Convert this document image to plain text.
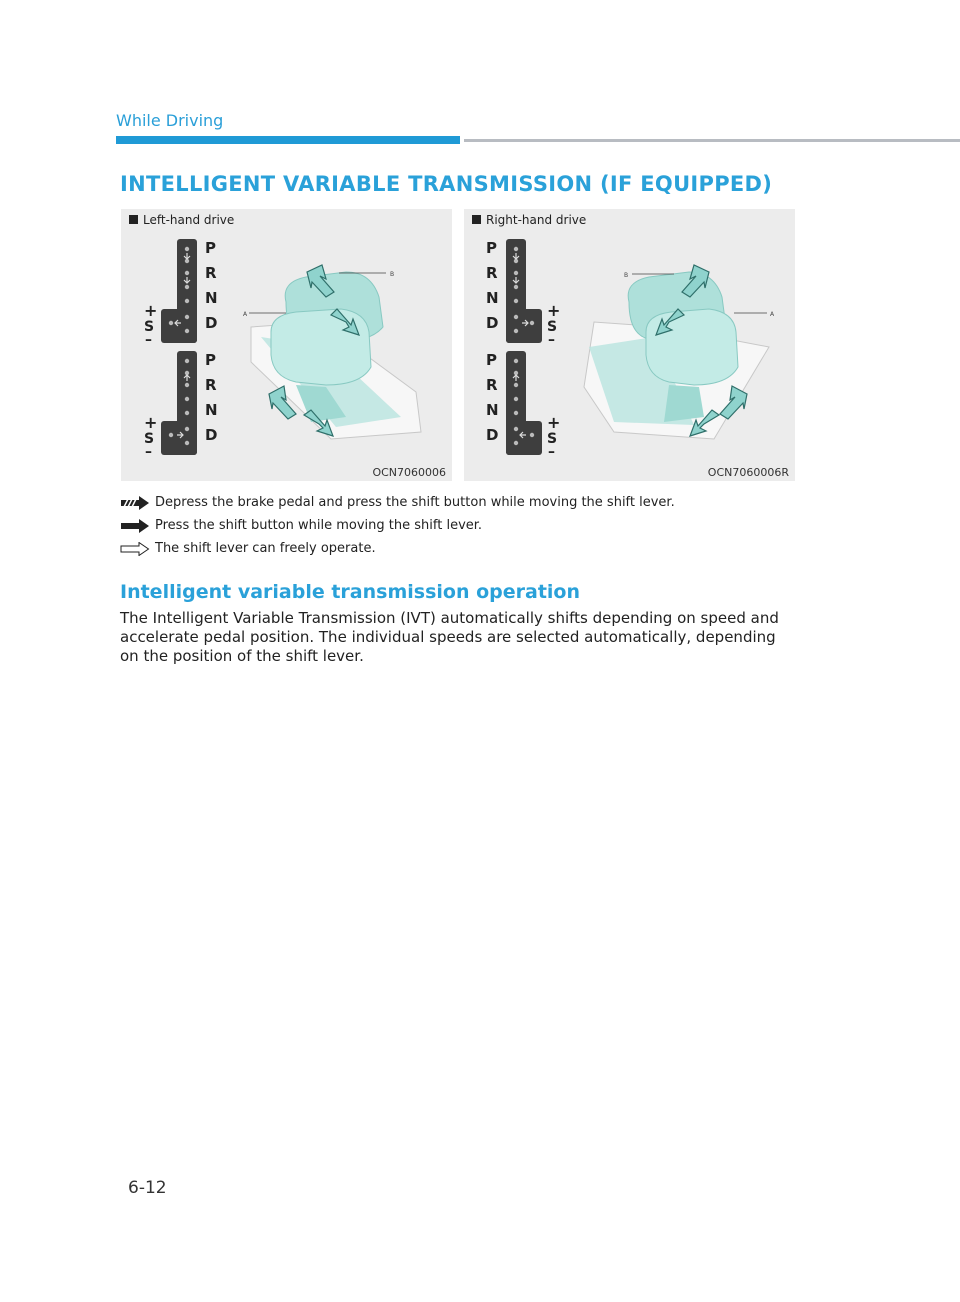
While Driving
INTELLIGENT VARIABLE TRANSMISSION (IF EQUIPPED)
Left-hand drive
P
R
N
D
+
S
–
P
R
N
D
+
S
–
B
A
OCN7060006
Right-hand drive
P
R
N
D
+
S
–
P
R
N
D
+
S
–
B
A
OCN7060006R
Depress the brake pedal and press the shift button while moving the shift lever.
Press the shift button while moving the shift lever.
The shift lever can freely operate.
Intelligent variable transmission operation
The Intelligent Variable Transmission (IVT) automatically shifts depending on speed and accelerate pedal position. The individual speeds are selected automatically, depending on the position of the shift lever.
6-12
